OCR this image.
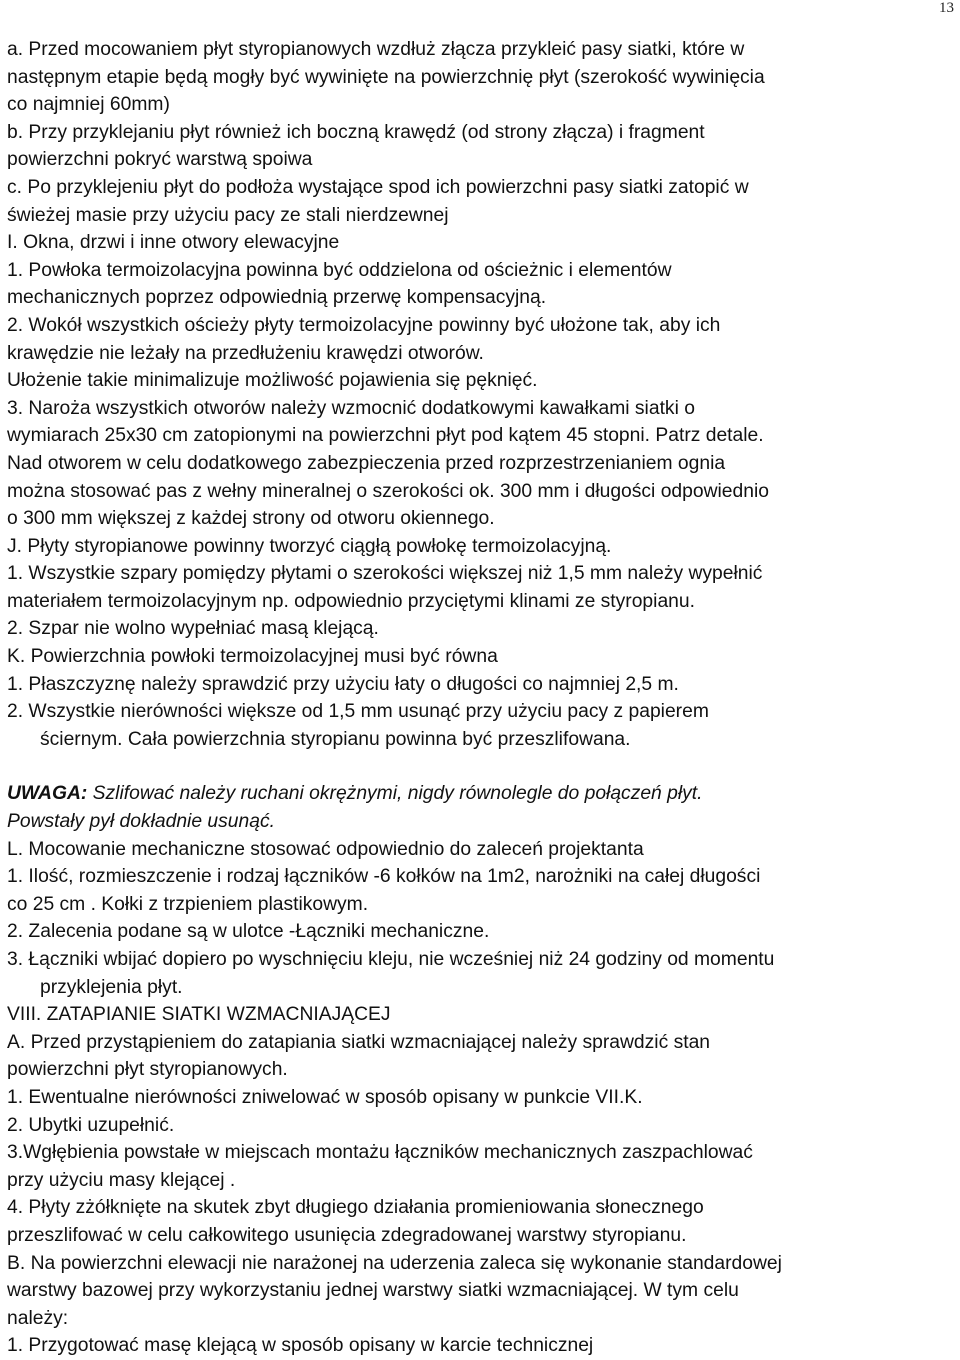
13
a. Przed mocowaniem płyt styropianowych wzdłuż złącza przykleić pasy siatki, które w
następnym etapie będą mogły być wywinięte na powierzchnię płyt (szerokość wywinięcia
co najmniej 60mm)
b. Przy przyklejaniu płyt również ich boczną krawędź (od strony złącza) i fragment
powierzchni pokryć warstwą spoiwa
c. Po przyklejeniu płyt do podłoża wystające spod ich powierzchni pasy siatki zatopić w
świeżej masie przy użyciu pacy ze stali nierdzewnej
I. Okna, drzwi i inne otwory elewacyjne
1. Powłoka termoizolacyjna powinna być oddzielona od ościeżnic i elementów
mechanicznych poprzez odpowiednią przerwę kompensacyjną.
2. Wokół wszystkich ościeży płyty termoizolacyjne powinny być ułożone tak, aby ich
krawędzie nie leżały na przedłużeniu krawędzi otworów.
Ułożenie takie minimalizuje możliwość pojawienia się pęknięć.
3. Naroża wszystkich otworów należy wzmocnić dodatkowymi kawałkami siatki o
wymiarach 25x30 cm zatopionymi na powierzchni płyt pod kątem 45 stopni. Patrz detale.
Nad otworem w celu dodatkowego zabezpieczenia przed rozprzestrzenianiem ognia
można stosować pas z wełny mineralnej o szerokości ok. 300 mm i długości odpowiednio
o 300 mm większej z każdej strony od otworu okiennego.
J. Płyty styropianowe powinny tworzyć ciągłą powłokę termoizolacyjną.
1. Wszystkie szpary pomiędzy płytami o szerokości większej niż 1,5 mm należy wypełnić
materiałem termoizolacyjnym np. odpowiednio przyciętymi klinami ze styropianu.
2. Szpar nie wolno wypełniać masą klejącą.
K. Powierzchnia powłoki termoizolacyjnej musi być równa
1. Płaszczyznę należy sprawdzić przy użyciu łaty o długości co najmniej 2,5 m.
2. Wszystkie nierówności większe od 1,5 mm usunąć przy użyciu pacy z papierem
ściernym. Cała powierzchnia styropianu powinna być przeszlifowana.
UWAGA: Szlifować należy ruchani okrężnymi, nigdy równolegle do połączeń płyt.
Powstały pył dokładnie usunąć.
L. Mocowanie mechaniczne stosować odpowiednio do zaleceń projektanta
1. Ilość, rozmieszczenie i rodzaj łączników -6 kołków na 1m2, narożniki na całej długości
co 25 cm . Kołki z trzpieniem plastikowym.
2. Zalecenia podane są w ulotce -Łączniki mechaniczne.
3. Łączniki wbijać dopiero po wyschnięciu kleju, nie wcześniej niż 24 godziny od momentu
przyklejenia płyt.
VIII. ZATAPIANIE SIATKI WZMACNIAJĄCEJ
A. Przed przystąpieniem do zatapiania siatki wzmacniającej należy sprawdzić stan
powierzchni płyt styropianowych.
1. Ewentualne nierówności zniwelować w sposób opisany w punkcie VII.K.
2. Ubytki uzupełnić.
3.Wgłębienia powstałe w miejscach montażu łączników mechanicznych zaszpachlować
przy użyciu masy klejącej .
4. Płyty zżółknięte na skutek zbyt długiego działania promieniowania słonecznego
przeszlifować w celu całkowitego usunięcia zdegradowanej warstwy styropianu.
B. Na powierzchni elewacji nie narażonej na uderzenia zaleca się wykonanie standardowej
warstwy bazowej przy wykorzystaniu jednej warstwy siatki wzmacniającej. W tym celu
należy:
1. Przygotować masę klejącą w sposób opisany w karcie technicznej
